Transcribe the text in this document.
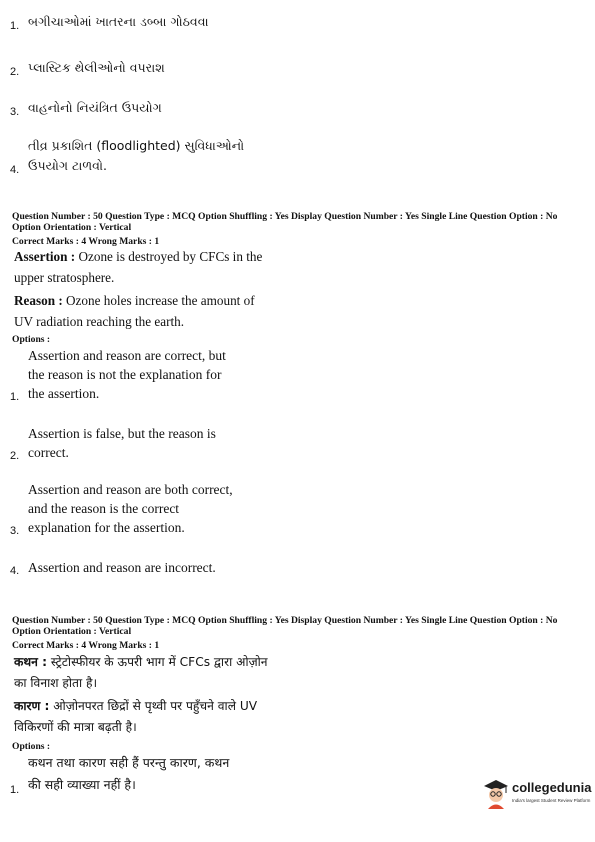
1. બગીચાઓમાં ખાતરના ડબ્બા ગોઠવવા
2. પ્લાસ્ટિક થેલીઓનો વપરાશ
3. વાહનોનો નિયંત્રિત ઉપયોગ
4.
તીવ્ર પ્રકાશિત (floodlighted) સુવિધાઓનો
ઉપયોગ ટાળવો.
Question Number : 50 Question Type : MCQ Option Shuffling : Yes Display Question Number : Yes Single Line Question Option : No Option Orientation : Vertical
Correct Marks : 4 Wrong Marks : 1
Assertion : Ozone is destroyed by CFCs in the upper stratosphere.
Reason : Ozone holes increase the amount of UV radiation reaching the earth.
Options :
1.
Assertion and reason are correct, but
the reason is not the explanation for
the assertion.
2.
Assertion is false, but the reason is
correct.
3.
Assertion and reason are both correct,
and the reason is the correct
explanation for the assertion.
4. Assertion and reason are incorrect.
Question Number : 50 Question Type : MCQ Option Shuffling : Yes Display Question Number : Yes Single Line Question Option : No Option Orientation : Vertical
Correct Marks : 4 Wrong Marks : 1
कथन : स्ट्रेटोस्फीयर के ऊपरी भाग में CFCs द्वारा ओज़ोन का विनाश होता है।
कारण : ओज़ोनपरत छिद्रों से पृथ्वी पर पहुँचने वाले UV विकिरणों की मात्रा बढ़ती है।
Options :
1.
कथन तथा कारण सही हैं परन्तु कारण, कथन
की सही व्याख्या नहीं है।	collegedunia
India's largest Student Review Platform
